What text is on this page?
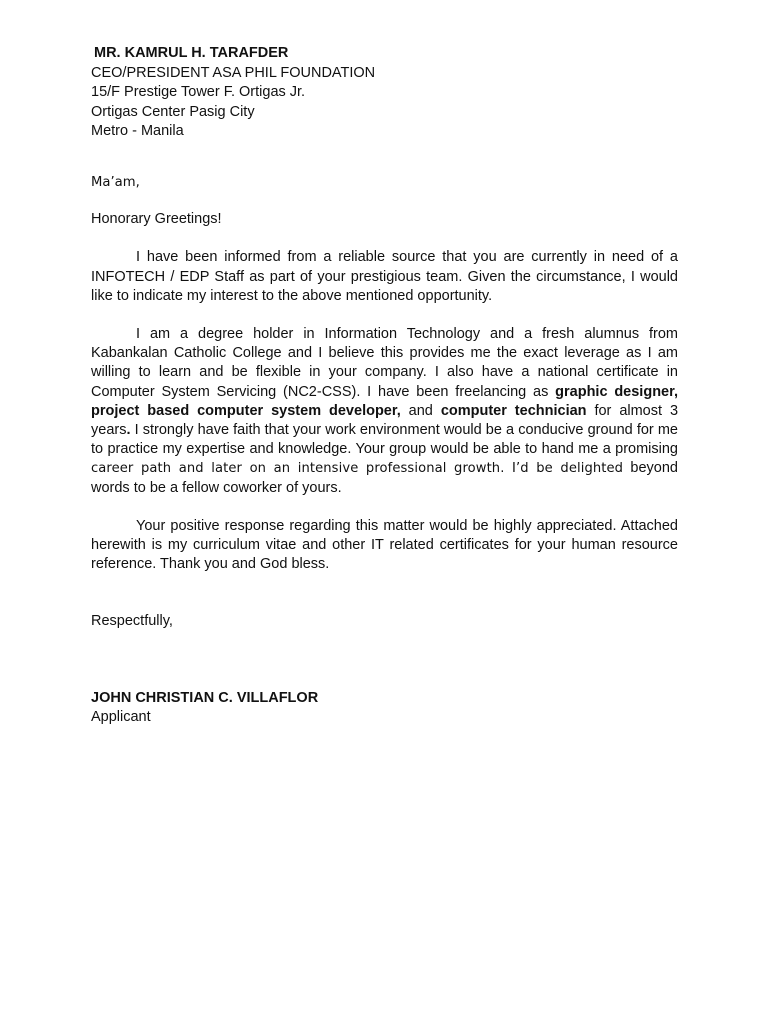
MR. KAMRUL H. TARAFDER
CEO/PRESIDENT ASA PHIL FOUNDATION
15/F Prestige Tower F. Ortigas Jr.
Ortigas Center Pasig City
Metro - Manila
Ma’am,
Honorary Greetings!

I have been informed from a reliable source that you are currently in need of a INFOTECH / EDP Staff as part of your prestigious team. Given the circumstance, I would like to indicate my interest to the above mentioned opportunity.

I am a degree holder in Information Technology and a fresh alumnus from Kabankalan Catholic College and I believe this provides me the exact leverage as I am willing to learn and be flexible in your company. I also have a national certificate in Computer System Servicing (NC2-CSS). I have been freelancing as graphic designer, project based computer system developer, and computer technician for almost 3 years. I strongly have faith that your work environment would be a conducive ground for me to practice my expertise and knowledge. Your group would be able to hand me a promising career path and later on an intensive professional growth. I’d be delighted beyond words to be a fellow coworker of yours.

Your positive response regarding this matter would be highly appreciated. Attached herewith is my curriculum vitae and other IT related certificates for your human resource reference. Thank you and God bless.

Respectfully,
JOHN CHRISTIAN C. VILLAFLOR
Applicant
